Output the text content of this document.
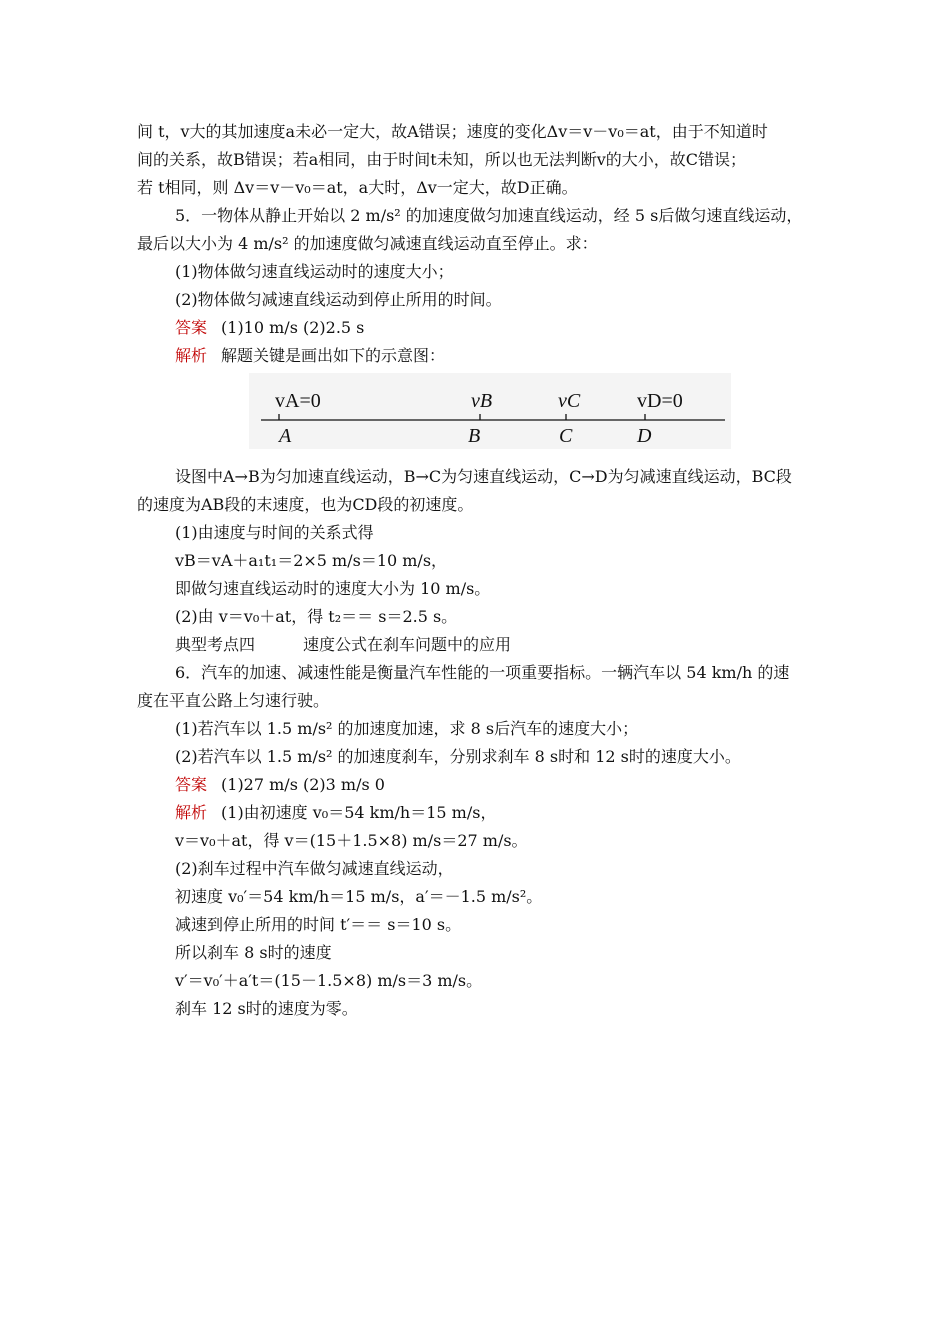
间 t，v大的其加速度a未必一定大，故A错误；速度的变化Δv＝v－v₀＝at，由于不知道时
间的关系，故B错误；若a相同，由于时间t未知，所以也无法判断v的大小，故C错误；
若 t相同，则 Δv＝v－v₀＝at，a大时，Δv一定大，故D正确。
5．一物体从静止开始以 2 m/s² 的加速度做匀加速直线运动，经 5 s后做匀速直线运动，
最后以大小为 4 m/s² 的加速度做匀减速直线运动直至停止。求：
(1)物体做匀速直线运动时的速度大小；
(2)物体做匀减速直线运动到停止所用的时间。
答案 (1)10 m/s (2)2.5 s
解析 解题关键是画出如下的示意图：
vA=0	vB	vC	vD=0
A	B	C	D
设图中A→B为匀加速直线运动，B→C为匀速直线运动，C→D为匀减速直线运动，BC段
的速度为AB段的末速度，也为CD段的初速度。
(1)由速度与时间的关系式得
vB＝vA＋a₁t₁＝2×5 m/s＝10 m/s，
即做匀速直线运动时的速度大小为 10 m/s。
(2)由 v＝v₀＋at，得 t₂＝＝ s＝2.5 s。
典型考点四	速度公式在刹车问题中的应用
6．汽车的加速、减速性能是衡量汽车性能的一项重要指标。一辆汽车以 54 km/h 的速
度在平直公路上匀速行驶。
(1)若汽车以 1.5 m/s² 的加速度加速，求 8 s后汽车的速度大小；
(2)若汽车以 1.5 m/s² 的加速度刹车，分别求刹车 8 s时和 12 s时的速度大小。
答案 (1)27 m/s (2)3 m/s 0
解析 (1)由初速度 v₀＝54 km/h＝15 m/s，
v＝v₀＋at，得 v＝(15＋1.5×8) m/s＝27 m/s。
(2)刹车过程中汽车做匀减速直线运动，
初速度 v₀′＝54 km/h＝15 m/s，a′＝－1.5 m/s²。
减速到停止所用的时间 t′＝＝ s＝10 s。
所以刹车 8 s时的速度
v′＝v₀′＋a′t＝(15－1.5×8) m/s＝3 m/s。
刹车 12 s时的速度为零。
